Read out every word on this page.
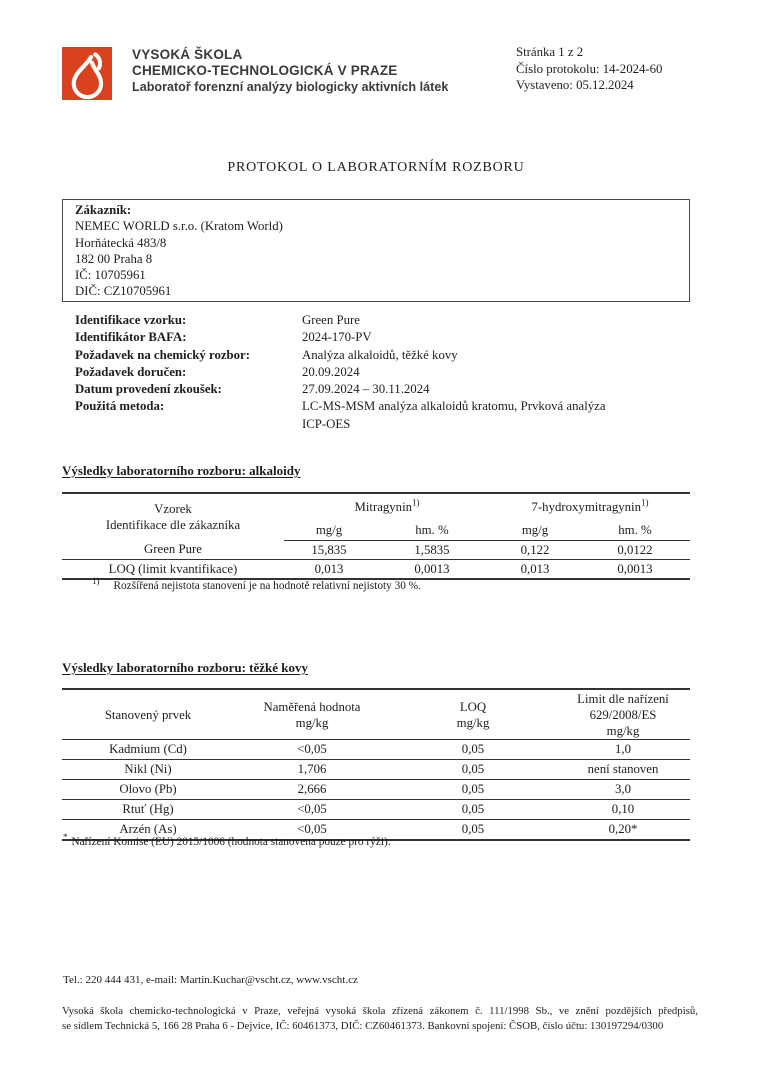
VYSOKÁ ŠKOLA
CHEMICKO-TECHNOLOGICKÁ V PRAZE
Laboratoř forenzní analýzy biologicky aktivních látek
Stránka 1 z 2
Číslo protokolu: 14-2024-60
Vystaveno: 05.12.2024
PROTOKOL O LABORATORNÍM ROZBORU
Zákazník:
NEMEC WORLD s.r.o. (Kratom World)
Horňátecká 483/8
182 00 Praha 8
IČ: 10705961
DIČ: CZ10705961
Identifikace vzorku:	Green Pure
Identifikátor BAFA:	2024-170-PV
Požadavek na chemický rozbor:	Analýza alkaloidů, těžké kovy
Požadavek doručen:	20.09.2024
Datum provedení zkoušek:	27.09.2024 – 30.11.2024
Použitá metoda:	LC-MS-MSM analýza alkaloidů kratomu, Prvková analýza
ICP-OES
Výsledky laboratorního rozboru: alkaloidy
Vzorek
Identifikace dle zákazníka	Mitragynin$^{1)}$		7-hydroxymitragynin$^{1)}$
	mg/g	hm. %	mg/g	hm. %
Green Pure	15,835	1,5835	0,122	0,0122
LOQ (limit kvantifikace)	0,013	0,0013	0,013	0,0013
$^{1)}$ Rozšířená nejistota stanovení je na hodnotě relativní nejistoty 30 %.
Výsledky laboratorního rozboru: těžké kovy
Stanovený prvek	
Naměřená hodnota
mg/kg

LOQ
mg/kg

Limit dle nařízení
629/2008/ES
mg/kg

Kadmium (Cd)	<0,05	0,05	1,0
Nikl (Ni)	1,706	0,05	není stanoven
Olovo (Pb)	2,666	0,05	3,0
Rtuť (Hg)	<0,05	0,05	0,10
Arzén (As)	<0,05	0,05	0,20*
* Nařízení Komise (EU) 2015/1006 (hodnota stanovena pouze pro rýži).
Tel.: 220 444 431, e-mail: Martin.Kuchar@vscht.cz, www.vscht.cz
Vysoká škola chemicko-technologická v Praze, veřejná vysoká škola zřízená zákonem č. 111/1998 Sb., ve znění pozdějších předpisů,
se sídlem Technická 5, 166 28 Praha 6 - Dejvice, IČ: 60461373, DIČ: CZ60461373. Bankovní spojení: ČSOB, číslo účtu: 130197294/0300
